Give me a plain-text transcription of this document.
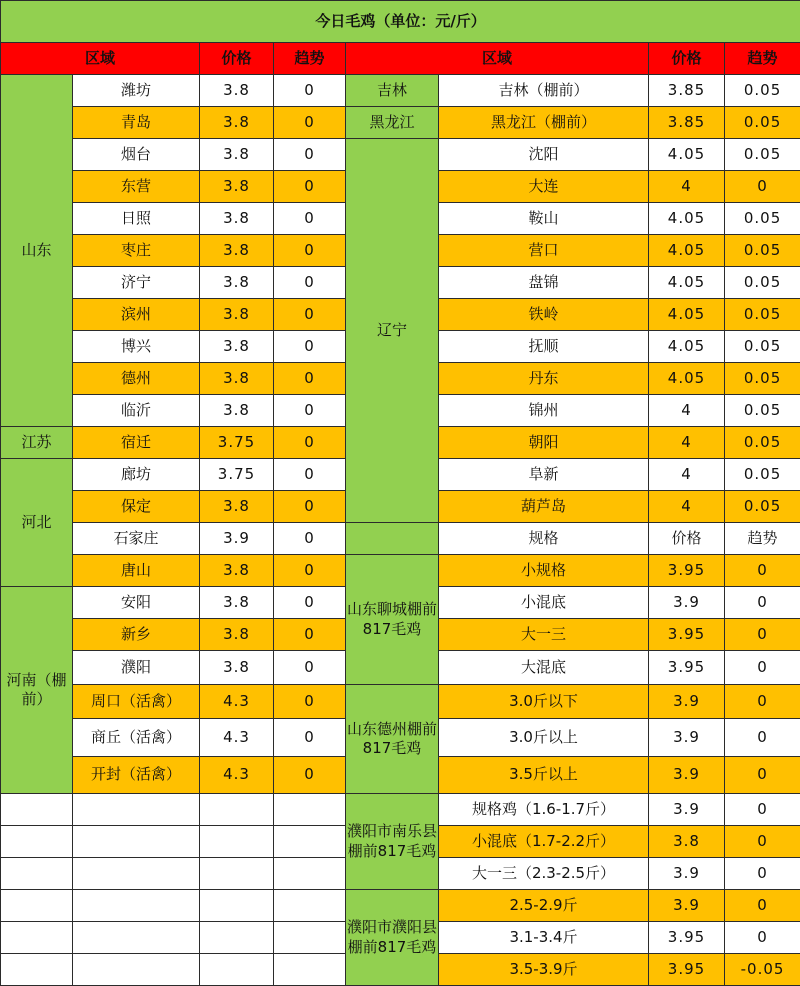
今日毛鸡（单位：元/斤）							
区域		价格	趋势	区域		价格	趋势
山东	潍坊	3.8	0	吉林	吉林（棚前）	3.85	0.05
	青岛	3.8	0	黑龙江	黑龙江（棚前）	3.85	0.05
	烟台	3.8	0	辽宁	沈阳	4.05	0.05
	东营	3.8	0		大连	4	0
	日照	3.8	0		鞍山	4.05	0.05
	枣庄	3.8	0		营口	4.05	0.05
	济宁	3.8	0		盘锦	4.05	0.05
	滨州	3.8	0		铁岭	4.05	0.05
	博兴	3.8	0		抚顺	4.05	0.05
	德州	3.8	0		丹东	4.05	0.05
	临沂	3.8	0		锦州	4	0.05
江苏	宿迁	3.75	0		朝阳	4	0.05
河北	廊坊	3.75	0		阜新	4	0.05
	保定	3.8	0		葫芦岛	4	0.05
	石家庄	3.9	0		规格	价格	趋势
	唐山	3.8	0	山东聊城棚前817毛鸡	小规格	3.95	0
河南（棚前）	安阳	3.8	0		小混底	3.9	0
	新乡	3.8	0		大一三	3.95	0
	濮阳	3.8	0		大混底	3.95	0
	周口（活禽）	4.3	0	山东德州棚前817毛鸡	3.0斤以下	3.9	0
	商丘（活禽）	4.3	0		3.0斤以上	3.9	0
	开封（活禽）	4.3	0		3.5斤以上	3.9	0
				濮阳市南乐县棚前817毛鸡	规格鸡（1.6-1.7斤）	3.9	0
					小混底（1.7-2.2斤）	3.8	0
					大一三（2.3-2.5斤）	3.9	0
				濮阳市濮阳县棚前817毛鸡	2.5-2.9斤	3.9	0
					3.1-3.4斤	3.95	0
					3.5-3.9斤	3.95	-0.05
